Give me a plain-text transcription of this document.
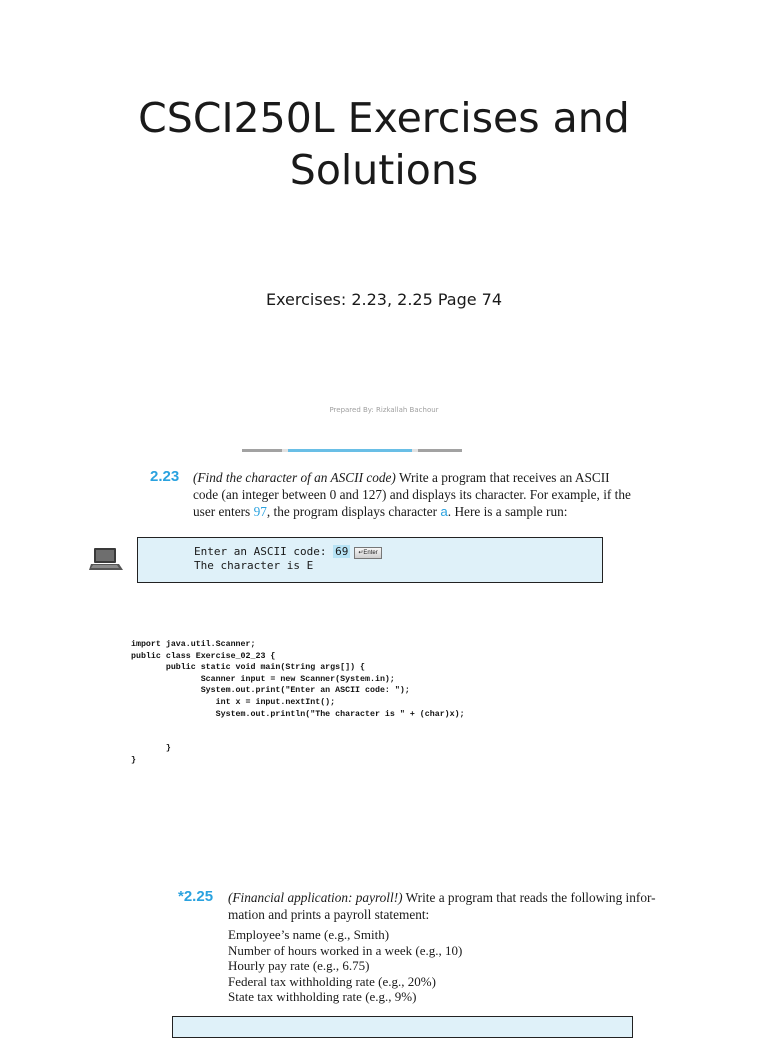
CSCI250L Exercises and
Solutions
Exercises: 2.23, 2.25 Page 74
Prepared By: Rizkallah Bachour
2.23 (Find the character of an ASCII code) Write a program that receives an ASCII
code (an integer between 0 and 127) and displays its character. For example, if the
user enters 97, the program displays character a. Here is a sample run:
Enter an ASCII code: 69 ↵Enter
The character is E
import java.util.Scanner;
public class Exercise_02_23 {
public static void main(String args[]) {
Scanner input = new Scanner(System.in);
System.out.print("Enter an ASCII code: ");
int x = input.nextInt();
System.out.println("The character is " + (char)x);
}
}
*2.25 (Financial application: payroll!) Write a program that reads the following infor-
mation and prints a payroll statement:
Employee’s name (e.g., Smith)
Number of hours worked in a week (e.g., 10)
Hourly pay rate (e.g., 6.75)
Federal tax withholding rate (e.g., 20%)
State tax withholding rate (e.g., 9%)
